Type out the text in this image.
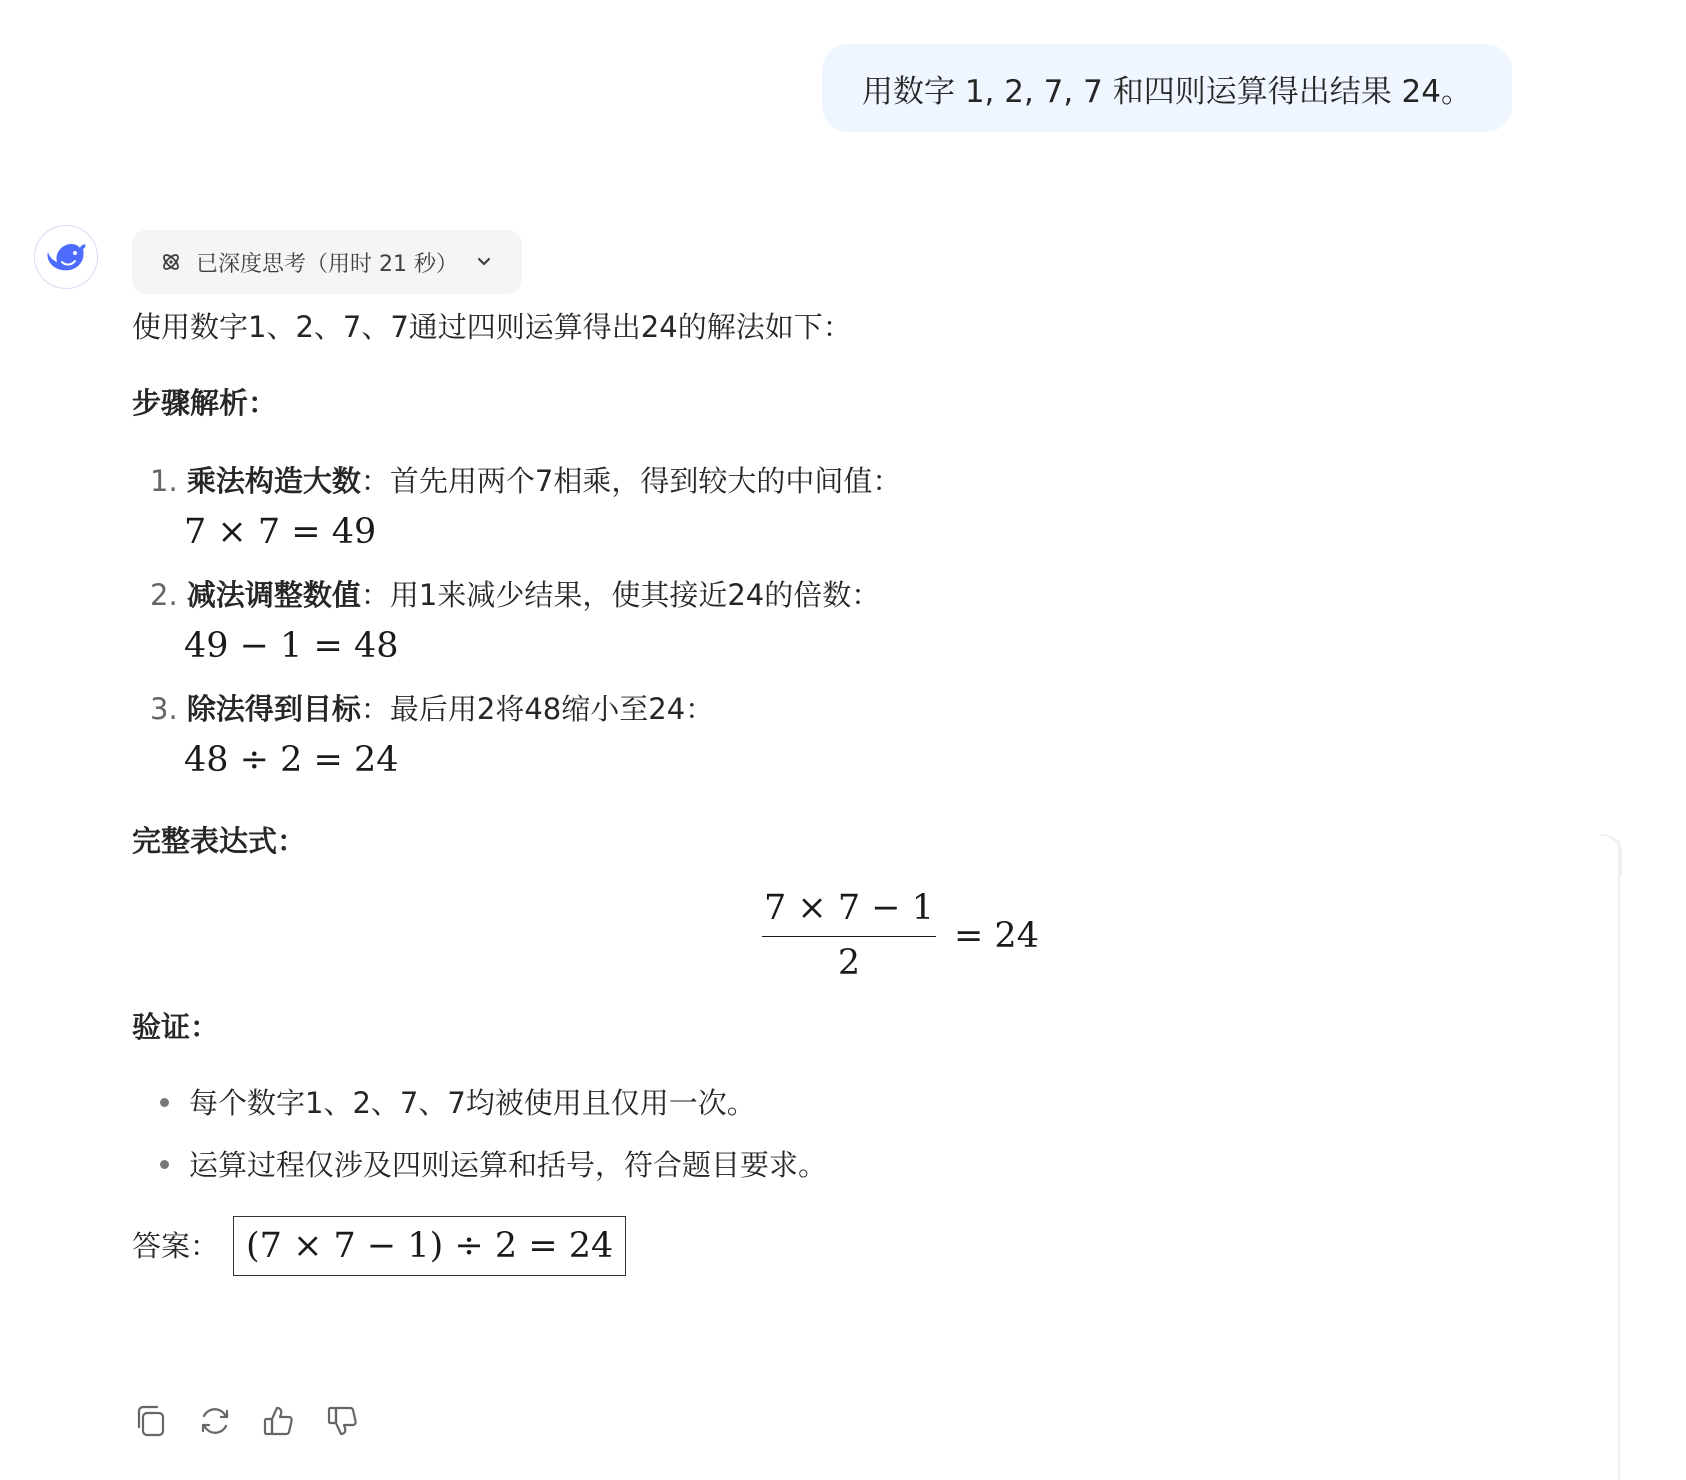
用数字 1, 2, 7, 7 和四则运算得出结果 24。
已深度思考（用时 21 秒）
使用数字1、2、7、7通过四则运算得出24的解法如下：
步骤解析：
1. 乘法构造大数：首先用两个7相乘，得到较大的中间值：
7 × 7 = 49
2. 减法调整数值：用1来减少结果，使其接近24的倍数：
49 − 1 = 48
3. 除法得到目标：最后用2将48缩小至24：
48 ÷ 2 = 24
完整表达式：
$\frac{7 \times 7 - 1}{2} = 24$
验证：
每个数字1、2、7、7均被使用且仅用一次。
运算过程仅涉及四则运算和括号，符合题目要求。
答案： (7 × 7 − 1) ÷ 2 = 24
